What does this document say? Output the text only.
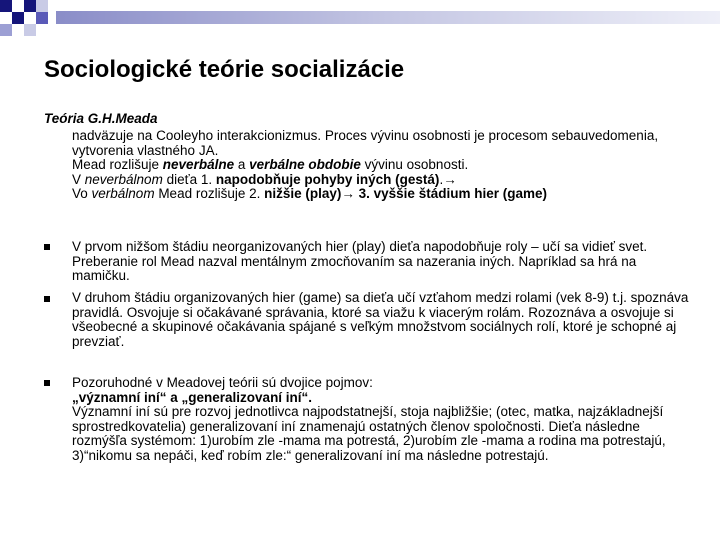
Sociologické teórie socializácie
Teória G.H.Meada

nadväzuje na Cooleyho interakcionizmus. Proces vývinu osobnosti je procesom sebauvedomenia, vytvorenia vlastného JA.

Mead rozlišuje neverbálne a verbálne obdobie vývinu osobnosti.

V neverbálnom dieťa 1. napodobňuje pohyby iných (gestá).→

Vo verbálnom Mead rozlišuje 2. nižšie (play)→ 3. vyššie štádium hier (game)

V prvom nižšom štádiu neorganizovaných hier (play) dieťa napodobňuje roly – učí sa vidieť svet. Preberanie rol Mead nazval mentálnym zmocňovaním sa nazerania iných. Napríklad sa hrá na mamičku.
V druhom štádiu organizovaných hier (game) sa dieťa učí vzťahom medzi rolami (vek 8-9) t.j. spoznáva pravidlá. Osvojuje si očakávané správania, ktoré sa viažu k viacerým rolám. Rozoznáva a osvojuje si všeobecné a skupinové očakávania spájané s veľkým množstvom sociálnych rolí, ktoré je schopné aj prevziať.

Pozoruhodné v Meadovej teórii sú dvojice pojmov:

„významní iní“ a „generalizovaní iní“.

Významní iní sú pre rozvoj jednotlivca najpodstatnejší, stoja najbližšie; (otec, matka, najzákladnejší sprostredkovatelia) generalizovaní iní znamenajú ostatných členov spoločnosti. Dieťa následne rozmýšľa systémom: 1)urobím zle -mama ma potrestá, 2)urobím zle -mama a rodina ma potrestajú, 3)“nikomu sa nepáči, keď robím zle:“ generalizovaní iní ma následne potrestajú.
